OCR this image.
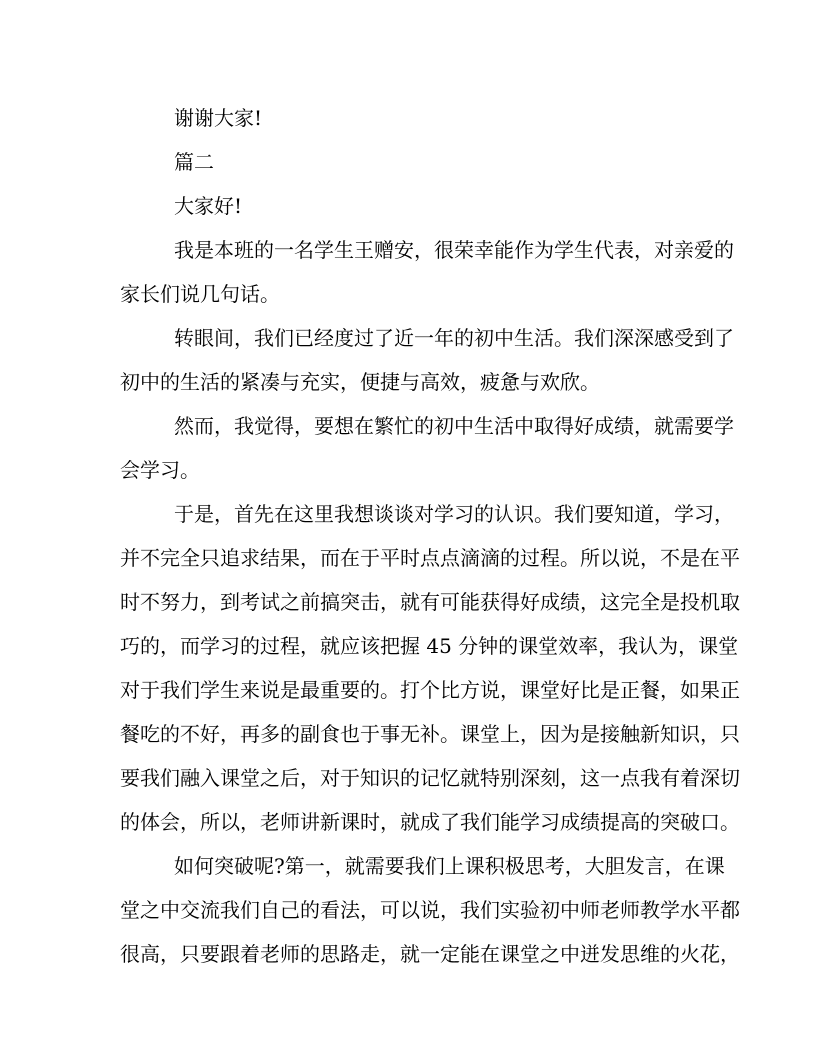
谢谢大家!
篇二
大家好!
我是本班的一名学生王赠安，很荣幸能作为学生代表，对亲爱的
家长们说几句话。
转眼间，我们已经度过了近一年的初中生活。我们深深感受到了
初中的生活的紧凑与充实，便捷与高效，疲惫与欢欣。
然而，我觉得，要想在繁忙的初中生活中取得好成绩，就需要学
会学习。
于是，首先在这里我想谈谈对学习的认识。我们要知道，学习，
并不完全只追求结果，而在于平时点点滴滴的过程。所以说，不是在平
时不努力，到考试之前搞突击，就有可能获得好成绩，这完全是投机取
巧的，而学习的过程，就应该把握 45 分钟的课堂效率，我认为，课堂
对于我们学生来说是最重要的。打个比方说，课堂好比是正餐，如果正
餐吃的不好，再多的副食也于事无补。课堂上，因为是接触新知识，只
要我们融入课堂之后，对于知识的记忆就特别深刻，这一点我有着深切
的体会，所以，老师讲新课时，就成了我们能学习成绩提高的突破口。
如何突破呢?第一，就需要我们上课积极思考，大胆发言，在课
堂之中交流我们自己的看法，可以说，我们实验初中师老师教学水平都
很高，只要跟着老师的思路走，就一定能在课堂之中迸发思维的火花，
